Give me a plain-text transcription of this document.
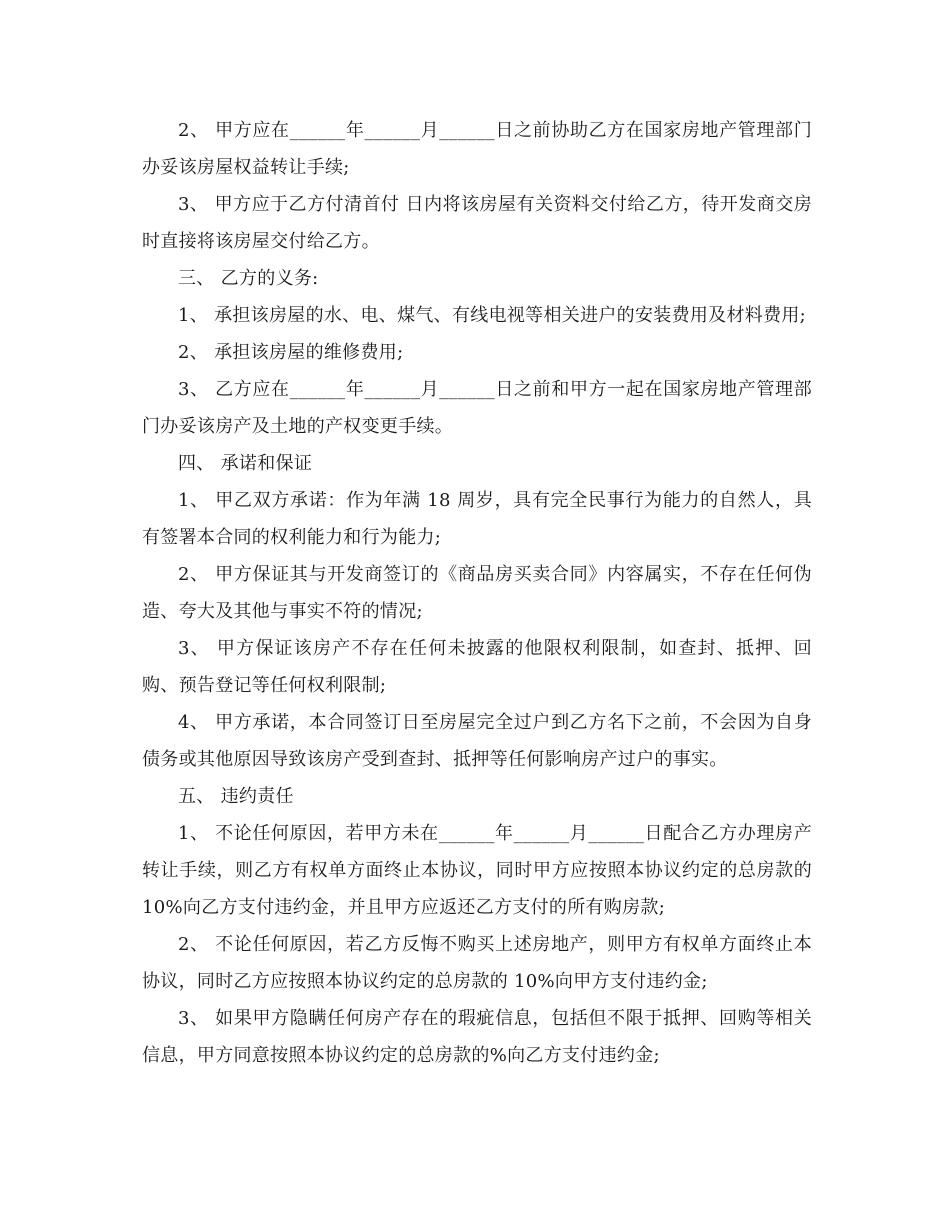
2、 甲方应在______年______月______日之前协助乙方在国家房地产管理部门办妥该房屋权益转让手续;

3、 甲方应于乙方付清首付 日内将该房屋有关资料交付给乙方，待开发商交房时直接将该房屋交付给乙方。

三、 乙方的义务:

1、 承担该房屋的水、电、煤气、有线电视等相关进户的安装费用及材料费用;

2、 承担该房屋的维修费用;

3、 乙方应在______年______月______日之前和甲方一起在国家房地产管理部门办妥该房产及土地的产权变更手续。

四、 承诺和保证

1、 甲乙双方承诺：作为年满 18 周岁，具有完全民事行为能力的自然人，具有签署本合同的权利能力和行为能力;

2、 甲方保证其与开发商签订的《商品房买卖合同》内容属实，不存在任何伪造、夸大及其他与事实不符的情况;

3、 甲方保证该房产不存在任何未披露的他限权利限制，如查封、抵押、回购、预告登记等任何权利限制;

4、 甲方承诺，本合同签订日至房屋完全过户到乙方名下之前，不会因为自身债务或其他原因导致该房产受到查封、抵押等任何影响房产过户的事实。

五、 违约责任

1、 不论任何原因，若甲方未在______年______月______日配合乙方办理房产转让手续，则乙方有权单方面终止本协议，同时甲方应按照本协议约定的总房款的 10%向乙方支付违约金，并且甲方应返还乙方支付的所有购房款;

2、 不论任何原因，若乙方反悔不购买上述房地产，则甲方有权单方面终止本协议，同时乙方应按照本协议约定的总房款的 10%向甲方支付违约金;

3、 如果甲方隐瞒任何房产存在的瑕疵信息，包括但不限于抵押、回购等相关信息，甲方同意按照本协议约定的总房款的%向乙方支付违约金;
